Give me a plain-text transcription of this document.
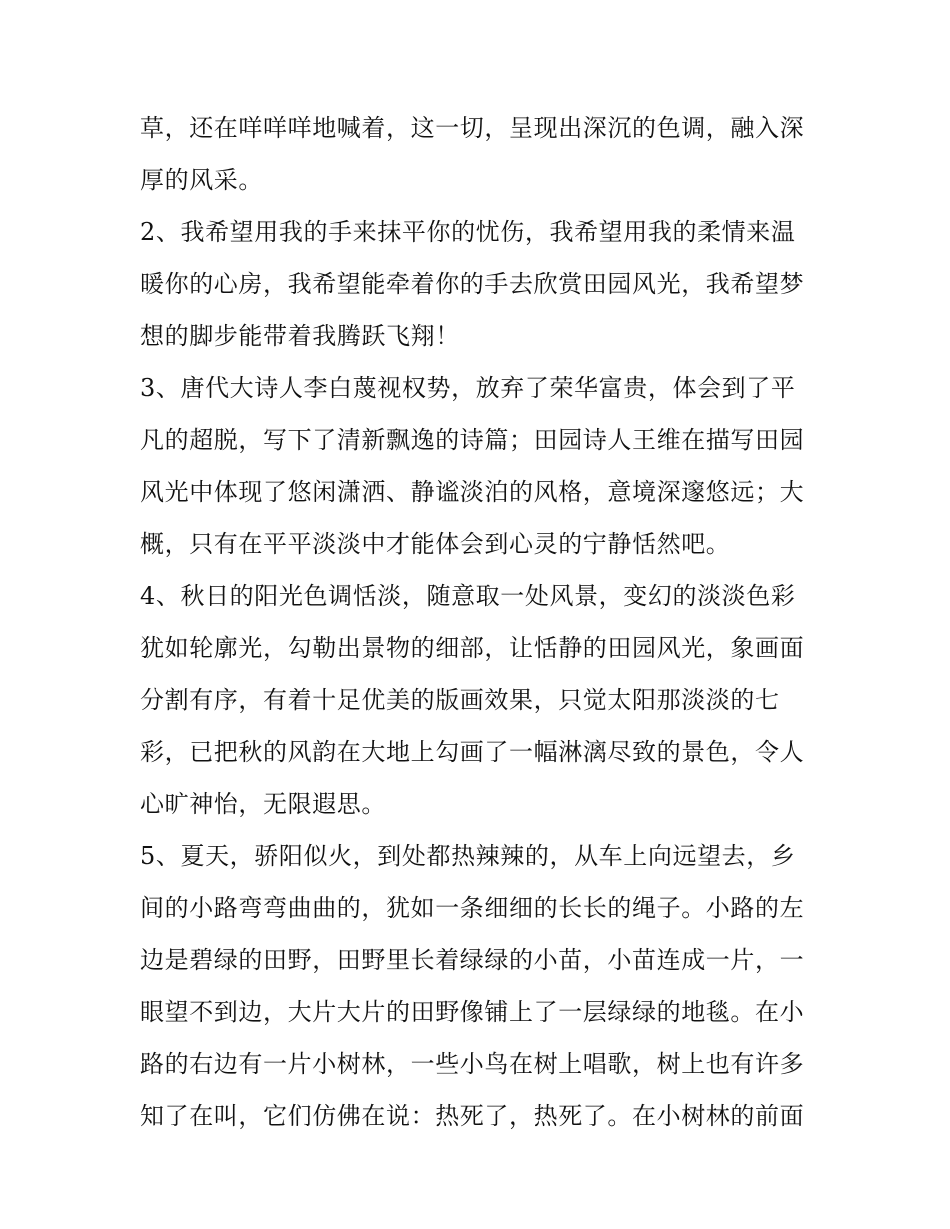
草，还在咩咩咩地喊着，这一切，呈现出深沉的色调，融入深
厚的风采。
2、我希望用我的手来抹平你的忧伤，我希望用我的柔情来温
暖你的心房，我希望能牵着你的手去欣赏田园风光，我希望梦
想的脚步能带着我腾跃飞翔！
3、唐代大诗人李白蔑视权势，放弃了荣华富贵，体会到了平
凡的超脱，写下了清新飘逸的诗篇；田园诗人王维在描写田园
风光中体现了悠闲潇洒、静谧淡泊的风格，意境深邃悠远；大
概，只有在平平淡淡中才能体会到心灵的宁静恬然吧。
4、秋日的阳光色调恬淡，随意取一处风景，变幻的淡淡色彩
犹如轮廓光，勾勒出景物的细部，让恬静的田园风光，象画面
分割有序，有着十足优美的版画效果，只觉太阳那淡淡的七
彩，已把秋的风韵在大地上勾画了一幅淋漓尽致的景色，令人
心旷神怡，无限遐思。
5、夏天，骄阳似火，到处都热辣辣的，从车上向远望去，乡
间的小路弯弯曲曲的，犹如一条细细的长长的绳子。小路的左
边是碧绿的田野，田野里长着绿绿的小苗，小苗连成一片，一
眼望不到边，大片大片的田野像铺上了一层绿绿的地毯。在小
路的右边有一片小树林，一些小鸟在树上唱歌，树上也有许多
知了在叫，它们仿佛在说：热死了，热死了。在小树林的前面
